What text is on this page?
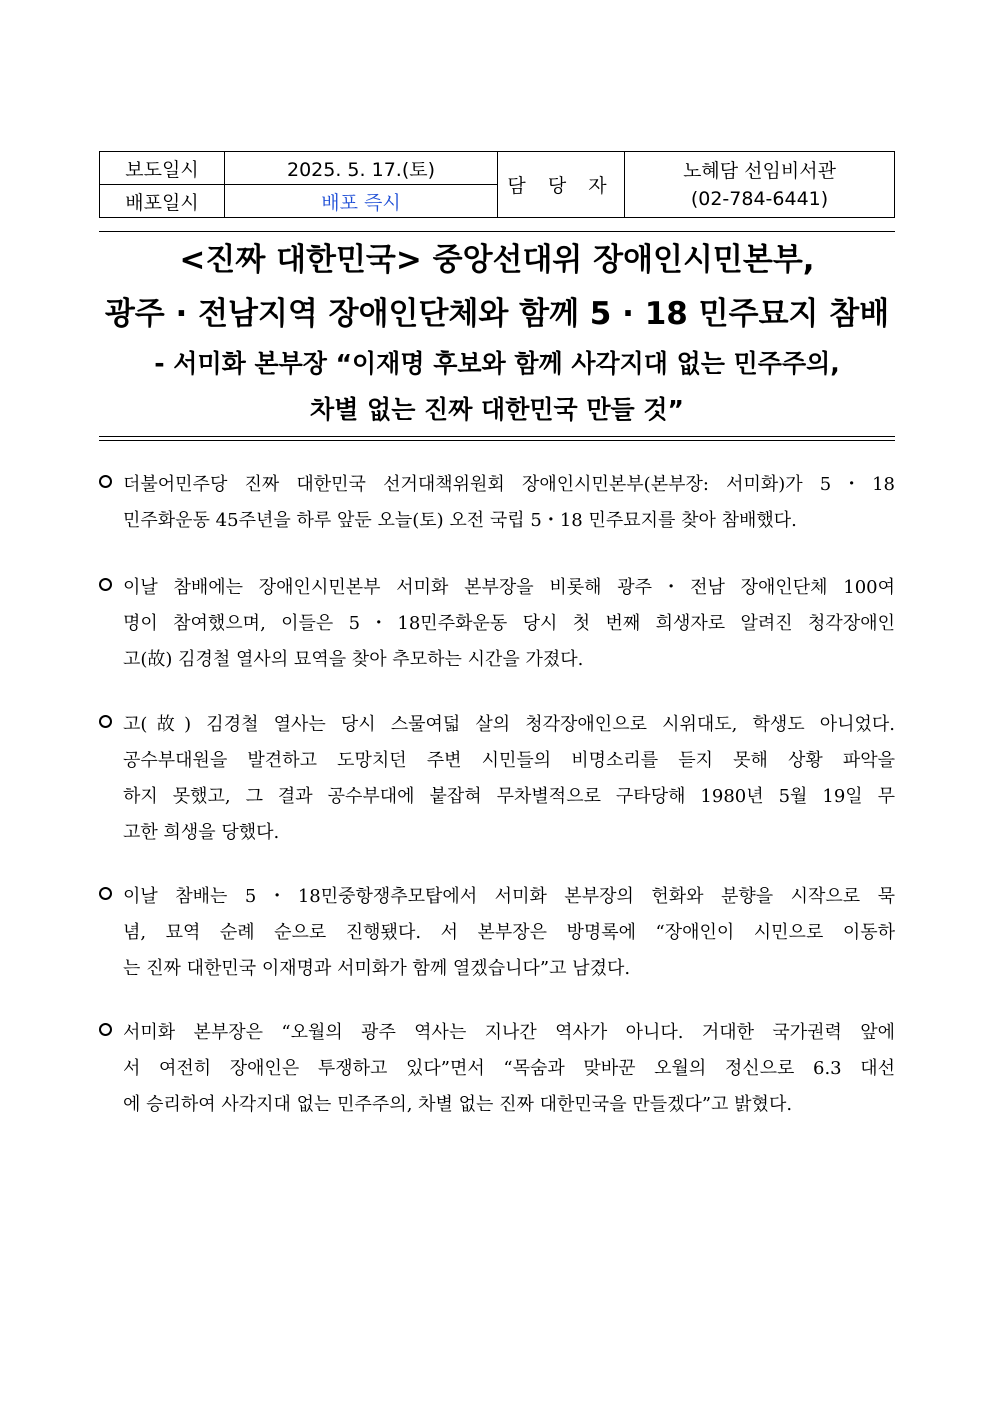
보도일시	2025. 5. 17.(토)	담 당 자	노혜담 선임비서관
(02-784-6441)

배포일시	배포 즉시		
<진짜 대한민국> 중앙선대위 장애인시민본부,
광주 · 전남지역 장애인단체와 함께 5 · 18 민주묘지 참배
- 서미화 본부장 “이재명 후보와 함께 사각지대 없는 민주주의,
차별 없는 진짜 대한민국 만들 것”
더불어민주당 진짜 대한민국 선거대책위원회 장애인시민본부(본부장: 서미화)가 5・18
민주화운동 45주년을 하루 앞둔 오늘(토) 오전 국립 5・18 민주묘지를 찾아 참배했다.
이날 참배에는 장애인시민본부 서미화 본부장을 비롯해 광주・전남 장애인단체 100여
명이 참여했으며, 이들은 5・18민주화운동 당시 첫 번째 희생자로 알려진 청각장애인
고(故) 김경철 열사의 묘역을 찾아 추모하는 시간을 가졌다.
고(故) 김경철 열사는 당시 스물여덟 살의 청각장애인으로 시위대도, 학생도 아니었다.
공수부대원을 발견하고 도망치던 주변 시민들의 비명소리를 듣지 못해 상황 파악을
하지 못했고, 그 결과 공수부대에 붙잡혀 무차별적으로 구타당해 1980년 5월 19일 무
고한 희생을 당했다.
이날 참배는 5・18민중항쟁추모탑에서 서미화 본부장의 헌화와 분향을 시작으로 묵
념, 묘역 순례 순으로 진행됐다. 서 본부장은 방명록에 “장애인이 시민으로 이동하
는 진짜 대한민국 이재명과 서미화가 함께 열겠습니다”고 남겼다.
서미화 본부장은 “오월의 광주 역사는 지나간 역사가 아니다. 거대한 국가권력 앞에
서 여전히 장애인은 투쟁하고 있다”면서 “목숨과 맞바꾼 오월의 정신으로 6.3 대선
에 승리하여 사각지대 없는 민주주의, 차별 없는 진짜 대한민국을 만들겠다”고 밝혔다.
